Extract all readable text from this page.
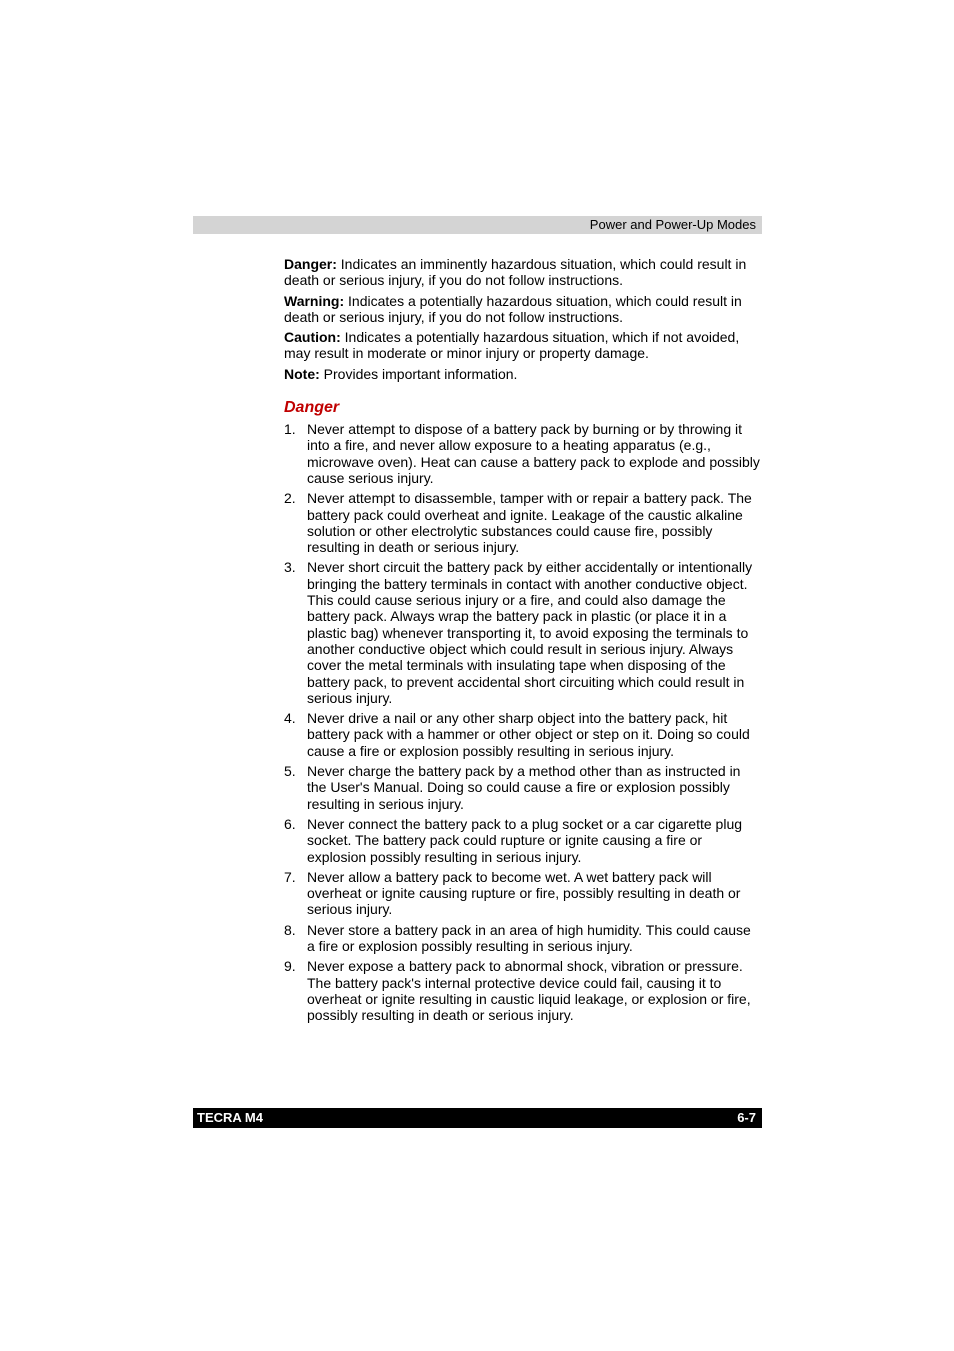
Power and Power-Up Modes

Danger: Indicates an imminently hazardous situation, which could result in death or serious injury, if you do not follow instructions.

Warning: Indicates a potentially hazardous situation, which could result in death or serious injury, if you do not follow instructions.

Caution: Indicates a potentially hazardous situation, which if not avoided, may result in moderate or minor injury or property damage.

Note: Provides important information.

Danger
1. Never attempt to dispose of a battery pack by burning or by throwing it into a fire, and never allow exposure to a heating apparatus (e.g., microwave oven). Heat can cause a battery pack to explode and possibly cause serious injury.
2. Never attempt to disassemble, tamper with or repair a battery pack. The battery pack could overheat and ignite. Leakage of the caustic alkaline solution or other electrolytic substances could cause fire, possibly resulting in death or serious injury.
3. Never short circuit the battery pack by either accidentally or intentionally bringing the battery terminals in contact with another conductive object. This could cause serious injury or a fire, and could also damage the battery pack. Always wrap the battery pack in plastic (or place it in a plastic bag) whenever transporting it, to avoid exposing the terminals to another conductive object which could result in serious injury. Always cover the metal terminals with insulating tape when disposing of the battery pack, to prevent accidental short circuiting which could result in serious injury.
4. Never drive a nail or any other sharp object into the battery pack, hit battery pack with a hammer or other object or step on it. Doing so could cause a fire or explosion possibly resulting in serious injury.
5. Never charge the battery pack by a method other than as instructed in the User's Manual. Doing so could cause a fire or explosion possibly resulting in serious injury.
6. Never connect the battery pack to a plug socket or a car cigarette plug socket. The battery pack could rupture or ignite causing a fire or explosion possibly resulting in serious injury.
7. Never allow a battery pack to become wet. A wet battery pack will overheat or ignite causing rupture or fire, possibly resulting in death or serious injury.
8. Never store a battery pack in an area of high humidity. This could cause a fire or explosion possibly resulting in serious injury.
9. Never expose a battery pack to abnormal shock, vibration or pressure. The battery pack's internal protective device could fail, causing it to overheat or ignite resulting in caustic liquid leakage, or explosion or fire, possibly resulting in death or serious injury.
TECRA M4	6-7
